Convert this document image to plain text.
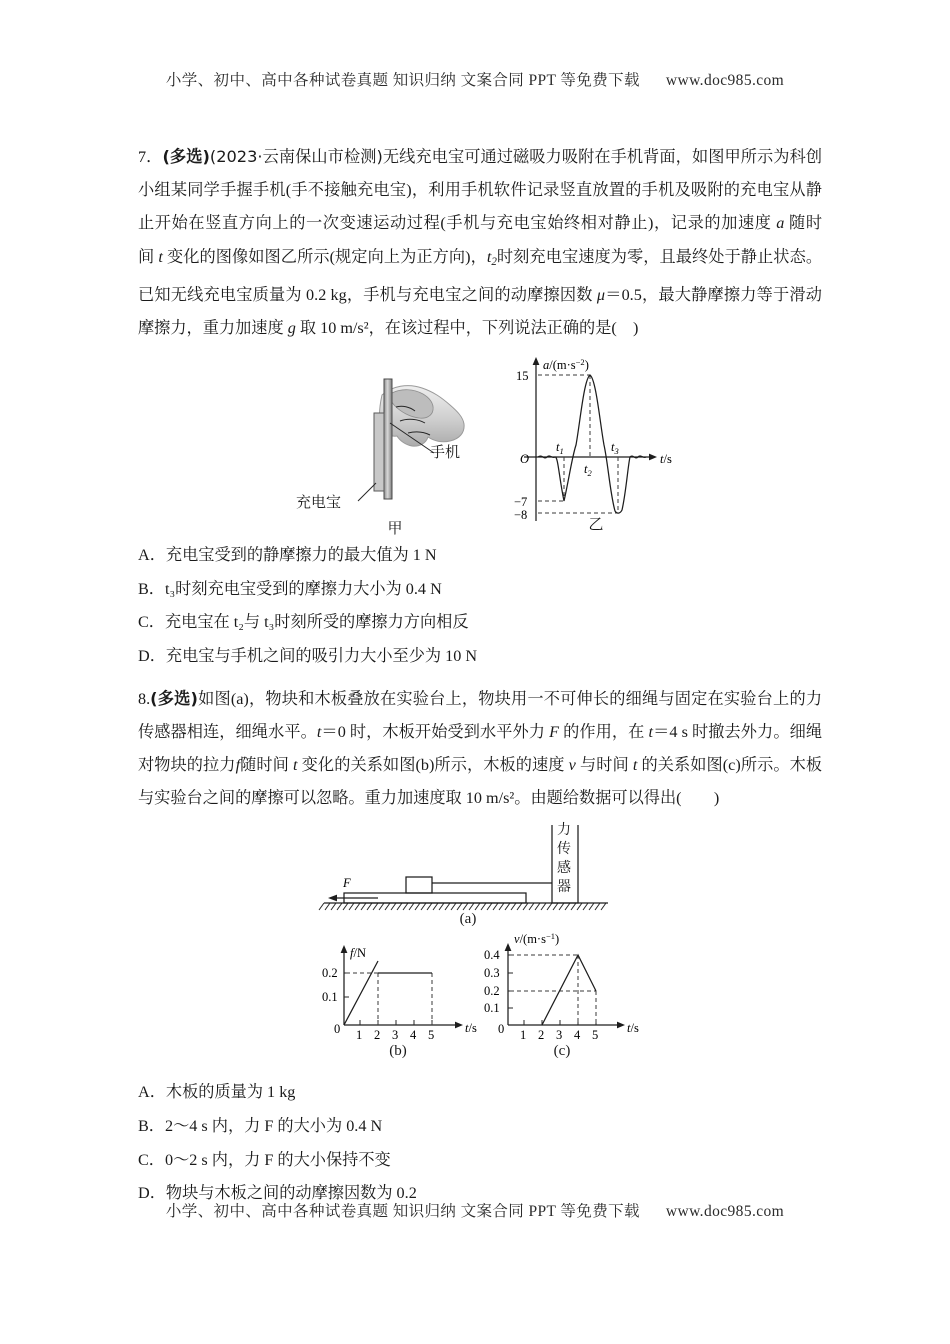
小学、初中、高中各种试卷真题 知识归纳 文案合同 PPT 等免费下载 www.doc985.com
7．(多选)(2023·云南保山市检测)无线充电宝可通过磁吸力吸附在手机背面，如图甲所示为科创小组某同学手握手机(手不接触充电宝)，利用手机软件记录竖直放置的手机及吸附的充电宝从静止开始在竖直方向上的一次变速运动过程(手机与充电宝始终相对静止)，记录的加速度 a 随时间 t 变化的图像如图乙所示(规定向上为正方向)，$t_2$时刻充电宝速度为零，且最终处于静止状态。已知无线充电宝质量为 0.2 kg，手机与充电宝之间的动摩擦因数 μ＝0.5，最大静摩擦力等于滑动摩擦力，重力加速度 g 取 10 m/s²，在该过程中，下列说法正确的是(　)
手机
充电宝
甲
$a/(m\cdot s^{-2})$
t/s
15
−7
−8
O
$t_1$
$t_2$
$t_3$
乙
A．充电宝受到的静摩擦力的最大值为 1 N
B．t₃时刻充电宝受到的摩擦力大小为 0.4 N
C．充电宝在 t₂与 t₃时刻所受的摩擦力方向相反
D．充电宝与手机之间的吸引力大小至少为 10 N
8.(多选)如图(a)，物块和木板叠放在实验台上，物块用一不可伸长的细绳与固定在实验台上的力传感器相连，细绳水平。t＝0 时，木板开始受到水平外力 F 的作用，在 t＝4 s 时撤去外力。细绳对物块的拉力f随时间 t 变化的关系如图(b)所示，木板的速度 v 与时间 t 的关系如图(c)所示。木板与实验台之间的摩擦可以忽略。重力加速度取 10 m/s²。由题给数据可以得出(　　)
F
力
传
感
器
(a)
f/N
t/s
0.2
0.1
0 1 2 3 4 5
(b)
$v/(m\cdot s^{-1})$
t/s
0.4
0.3
0.2
0.1
0 1 2 3 4 5
(c)
A．木板的质量为 1 kg
B．2～4 s 内，力 F 的大小为 0.4 N
C．0～2 s 内，力 F 的大小保持不变
D．物块与木板之间的动摩擦因数为 0.2
小学、初中、高中各种试卷真题 知识归纳 文案合同 PPT 等免费下载 www.doc985.com
